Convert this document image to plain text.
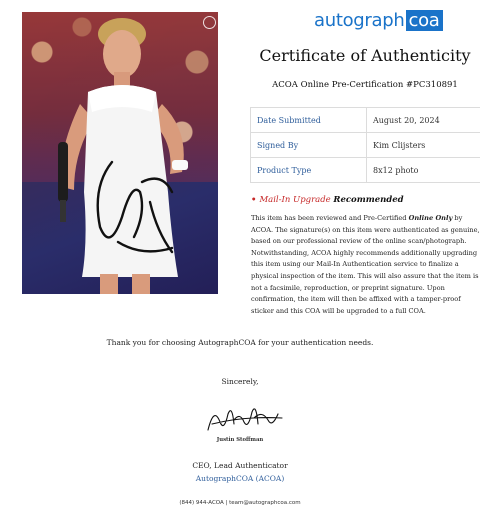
autograph coa
Certificate of Authenticity
ACOA Online Pre-Certification #PC310891
Date Submitted	August 20, 2024
Signed By	Kim Clijsters
Product Type	8x12 photo
• Mail-In Upgrade Recommended
This item has been reviewed and Pre-Certified Online Only by ACOA. The signature(s) on this item were authenticated as genuine, based on our professional review of the online scan/photograph. Notwithstanding, ACOA highly recommends additionally upgrading this item using our Mail-In Authentication service to finalize a physical inspection of the item. This will also assure that the item is not a facsimile, reproduction, or preprint signature. Upon confirmation, the item will then be affixed with a tamper-proof sticker and this COA will be upgraded to a full COA.
Thank you for choosing AutographCOA for your authentication needs.
Sincerely,
Justin Stoffman
CEO, Lead Authenticator
AutographCOA (ACOA)
(844) 944-ACOA | team@autographcoa.com
